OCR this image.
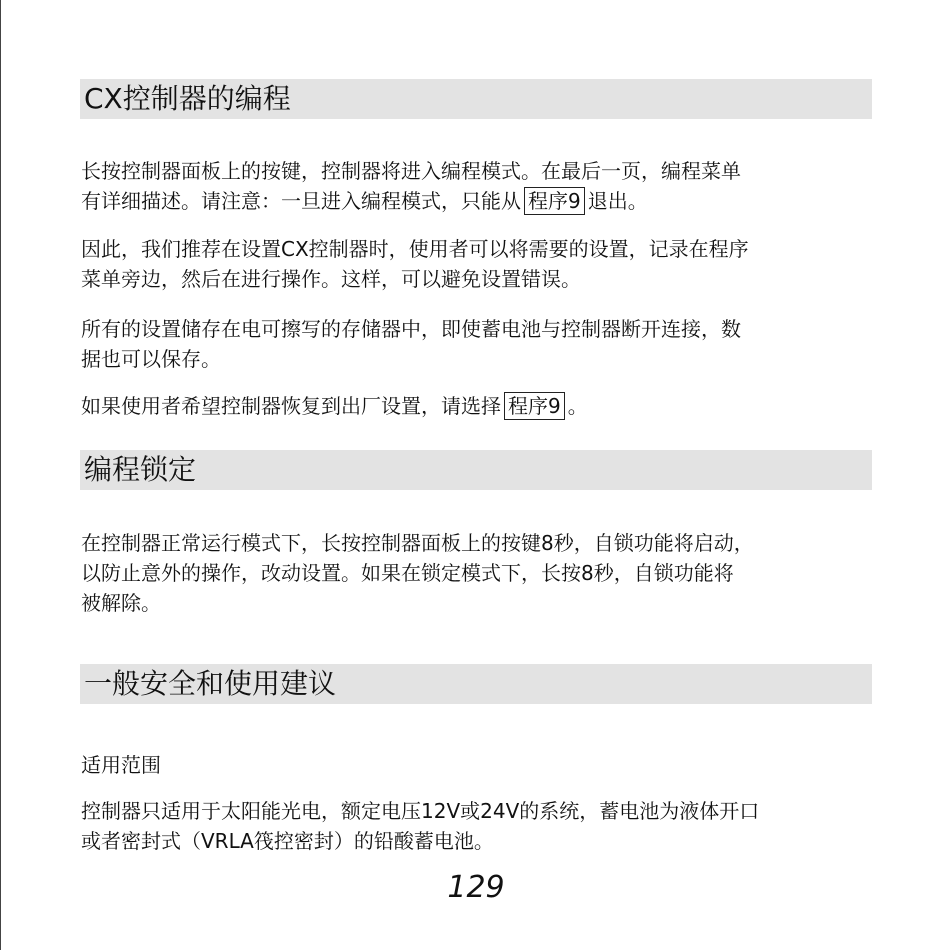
CX控制器的编程

长按控制器面板上的按键，控制器将进入编程模式。在最后一页，编程菜单
有详细描述。请注意：一旦进入编程模式，只能从 程序9 退出。

因此，我们推荐在设置CX控制器时，使用者可以将需要的设置，记录在程序
菜单旁边，然后在进行操作。这样，可以避免设置错误。

所有的设置储存在电可擦写的存储器中，即使蓄电池与控制器断开连接，数
据也可以保存。

如果使用者希望控制器恢复到出厂设置，请选择 程序9 。

编程锁定

在控制器正常运行模式下，长按控制器面板上的按键8秒，自锁功能将启动，
以防止意外的操作，改动设置。如果在锁定模式下，长按8秒，自锁功能将
被解除。

一般安全和使用建议

适用范围

控制器只适用于太阳能光电，额定电压12V或24V的系统，蓄电池为液体开口
或者密封式（VRLA筏控密封）的铅酸蓄电池。

129
